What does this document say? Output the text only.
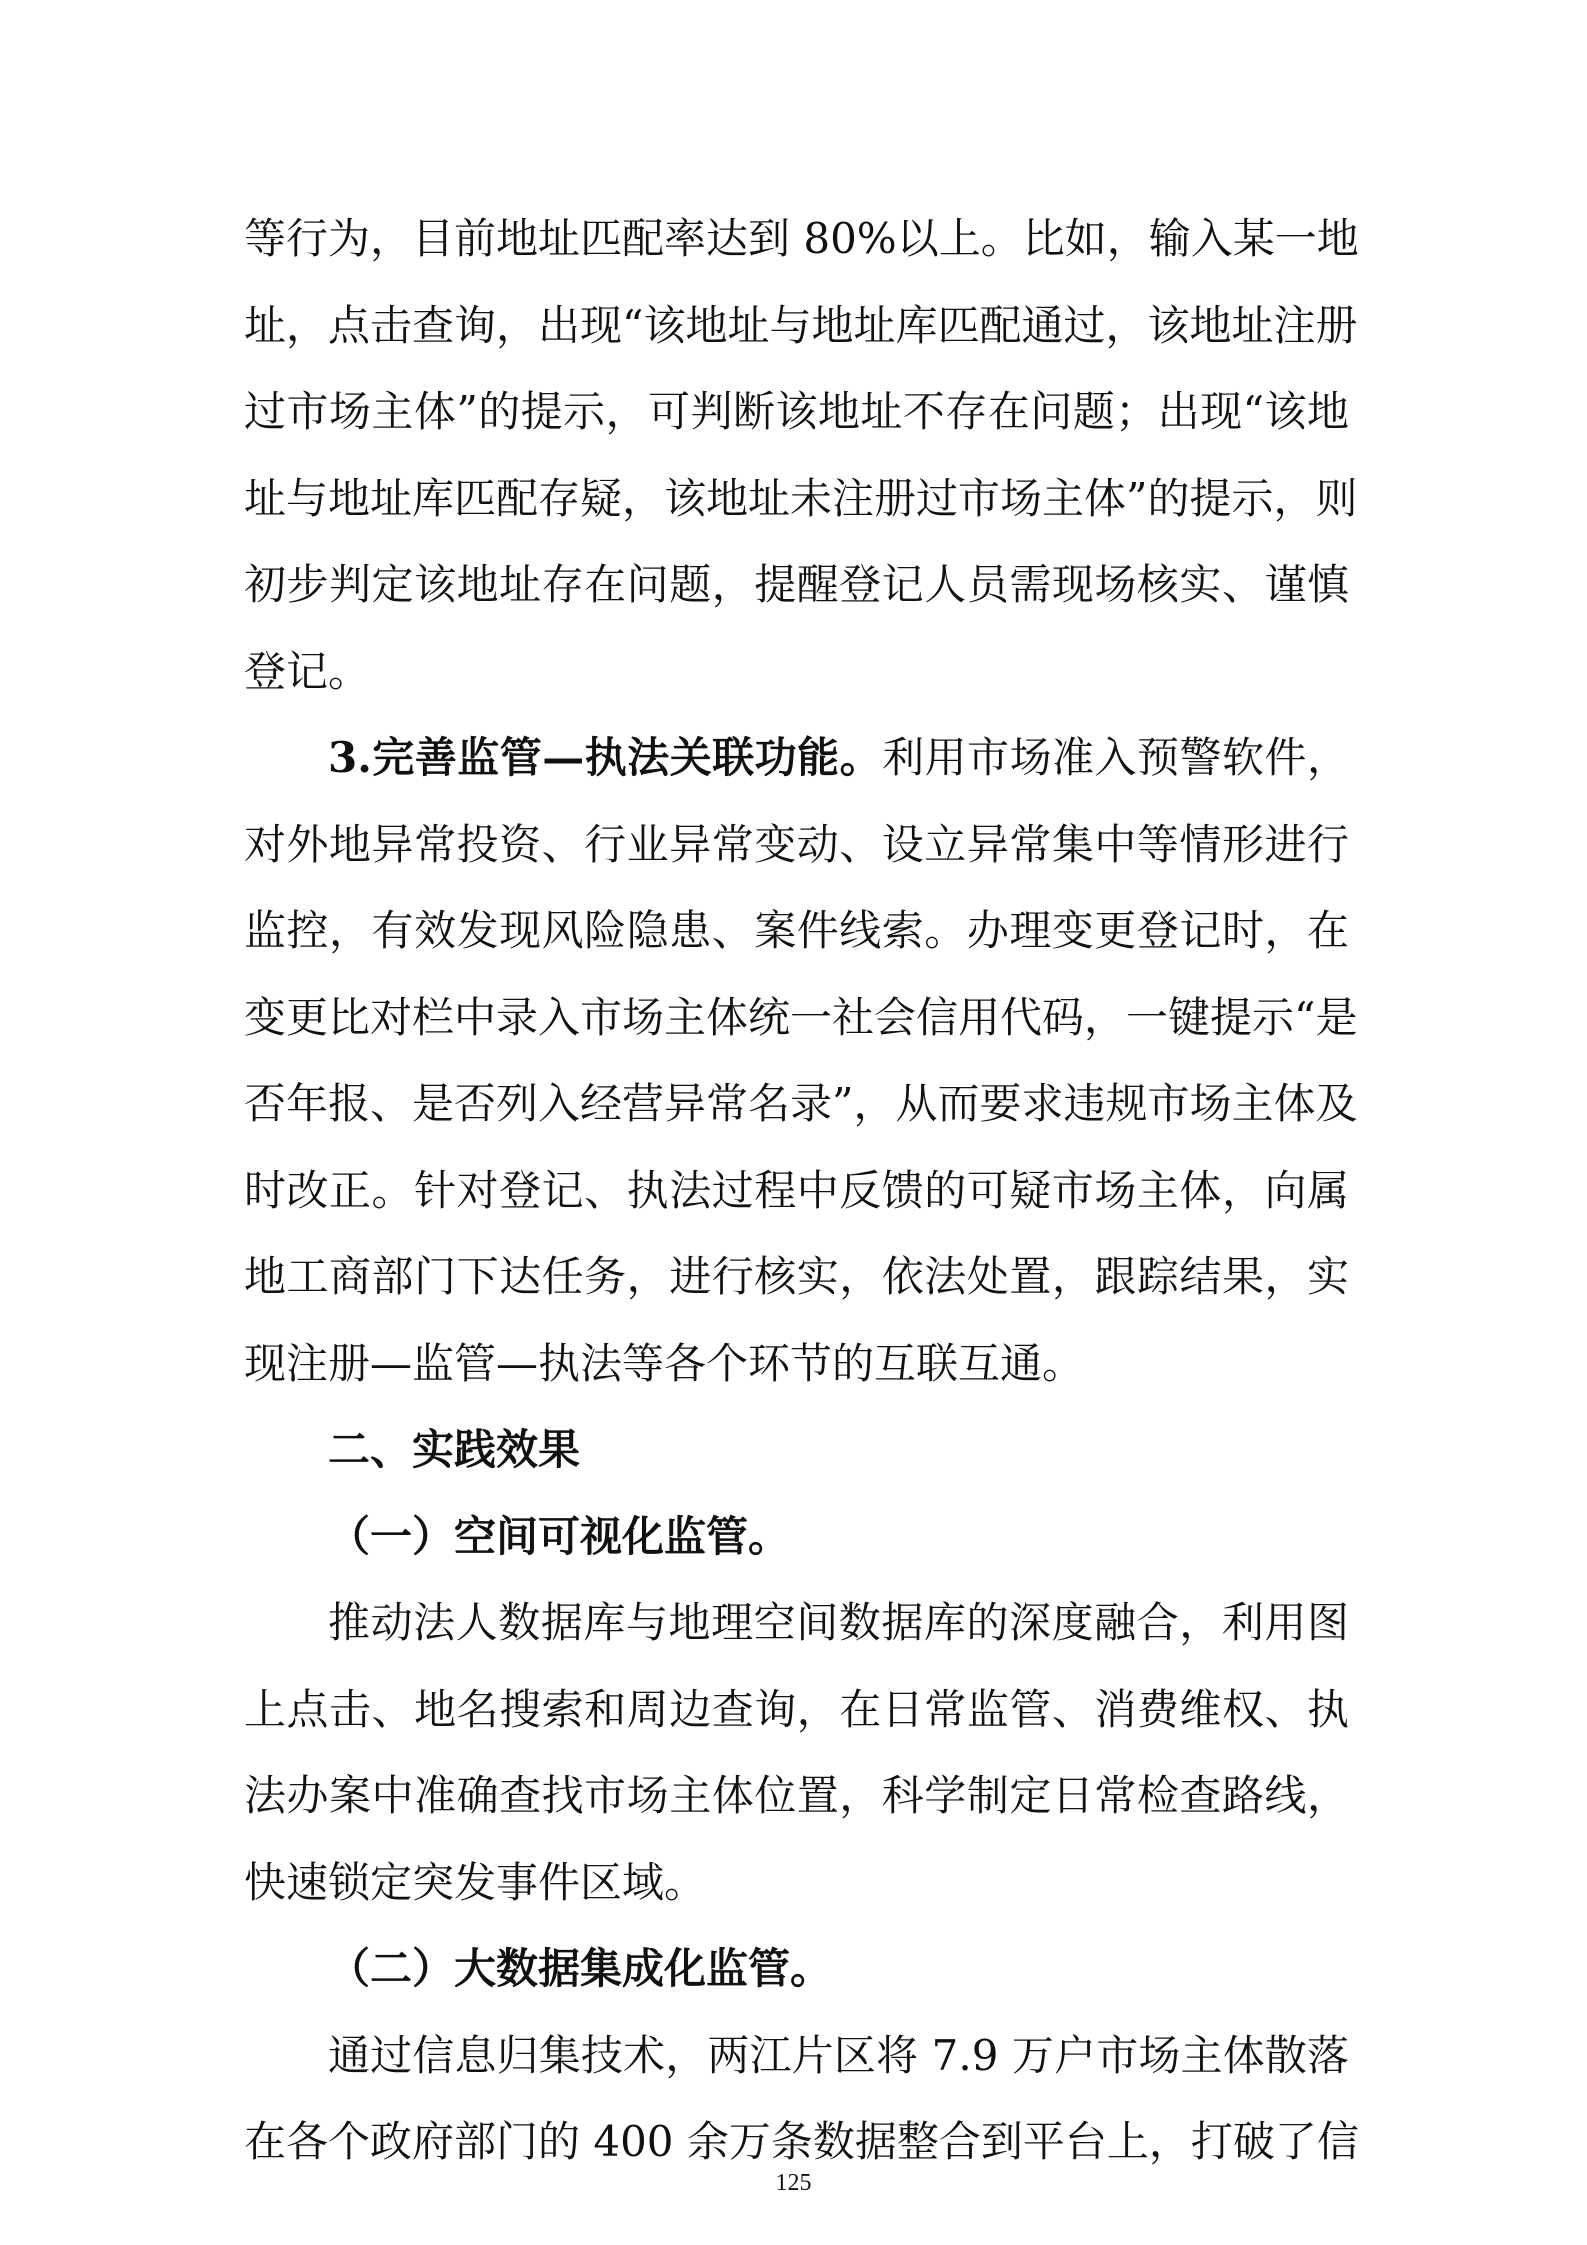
等行为，目前地址匹配率达到 80%以上。比如，输入某一地
址，点击查询，出现“该地址与地址库匹配通过，该地址注册
过市场主体”的提示，可判断该地址不存在问题；出现“该地
址与地址库匹配存疑，该地址未注册过市场主体”的提示，则
初步判定该地址存在问题，提醒登记人员需现场核实、谨慎
登记。
3.完善监管—执法关联功能。利用市场准入预警软件，
对外地异常投资、行业异常变动、设立异常集中等情形进行
监控，有效发现风险隐患、案件线索。办理变更登记时，在
变更比对栏中录入市场主体统一社会信用代码，一键提示“是
否年报、是否列入经营异常名录”，从而要求违规市场主体及
时改正。针对登记、执法过程中反馈的可疑市场主体，向属
地工商部门下达任务，进行核实，依法处置，跟踪结果，实
现注册—监管—执法等各个环节的互联互通。
二、实践效果
（一）空间可视化监管。
推动法人数据库与地理空间数据库的深度融合，利用图
上点击、地名搜索和周边查询，在日常监管、消费维权、执
法办案中准确查找市场主体位置，科学制定日常检查路线，
快速锁定突发事件区域。
（二）大数据集成化监管。
通过信息归集技术，两江片区将 7.9 万户市场主体散落
在各个政府部门的 400 余万条数据整合到平台上，打破了信
125
